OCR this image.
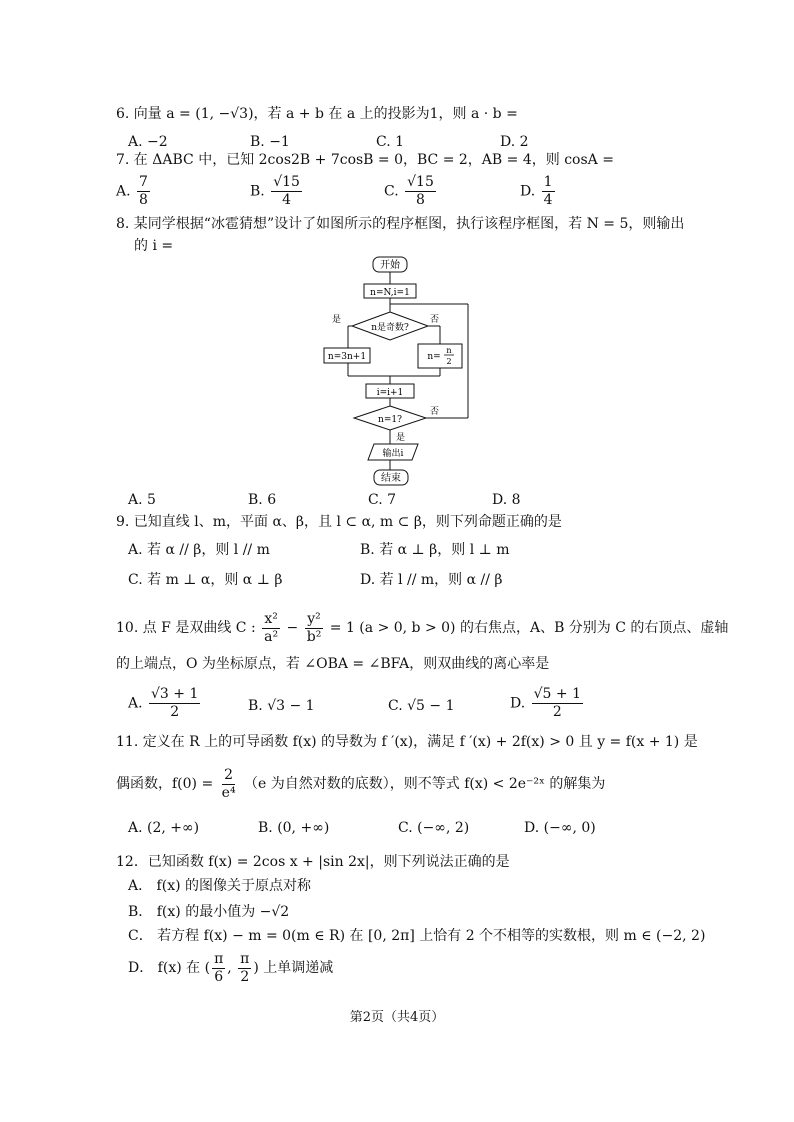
6. 向量 a = (1, −√3)，若 a + b 在 a 上的投影为1，则 a · b =
A. −2	B. −1	C. 1	D. 2
7. 在 ΔABC 中，已知 2cos2B + 7cosB = 0，BC = 2，AB = 4，则 cosA =
A. $\frac{7}{8}$	B. $\frac{√15}{4}$	C. $\frac{√15}{8}$	D. $\frac{1}{4}$
8. 某同学根据“冰雹猜想”设计了如图所示的程序框图，执行该程序框图，若 N = 5，则输出
的 i =
开始
n=N,i=1
n是奇数?
是	否
n=3n+1	n=
n
2
i=i+1
n=1?
否
是
输出i
结束
A. 5	B. 6	C. 7	D. 8
9. 已知直线 l、m，平面 α、β，且 l ⊂ α, m ⊂ β，则下列命题正确的是
A. 若 α // β，则 l // m	B. 若 α ⊥ β，则 l ⊥ m
C. 若 m ⊥ α，则 α ⊥ β	D. 若 l // m，则 α // β
10. 点 F 是双曲线 C : $\frac{\text{x²}}{\text{a²}} - \frac{\text{y²}}{\text{b²}} = 1$ (a > 0, b > 0) 的右焦点，A、B 分别为 C 的右顶点、虚轴
的上端点，O 为坐标原点，若 ∠OBA = ∠BFA，则双曲线的离心率是
A. $\frac{√3 + 1}{2}$	B. √3 − 1	C. √5 − 1	D. $\frac{√5 + 1}{2}$
11. 定义在 R 上的可导函数 f(x) 的导数为 f ′(x)，满足 f ′(x) + 2f(x) > 0 且 y = f(x + 1) 是
偶函数，$f(0) = \frac{2}{\text{e⁴}} (e$ 为自然对数的底数），则不等式 f(x) < 2e⁻²ˣ 的解集为
A. (2, +∞)	B. (0, +∞)	C. (−∞, 2)	D. (−∞, 0)
12．已知函数 f(x) = 2cos x + |sin 2x|，则下列说法正确的是
A． f(x) 的图像关于原点对称
B． f(x) 的最小值为 −√2
C． 若方程 f(x) − m = 0(m ∈ R) 在 [0, 2π] 上恰有 2 个不相等的实数根，则 m ∈ (−2, 2)
D． f(x) 在 ( $\frac{\pi}{6}$ , $\frac{\pi}{2}$ ) 上单调递减
第2页（共4页）
